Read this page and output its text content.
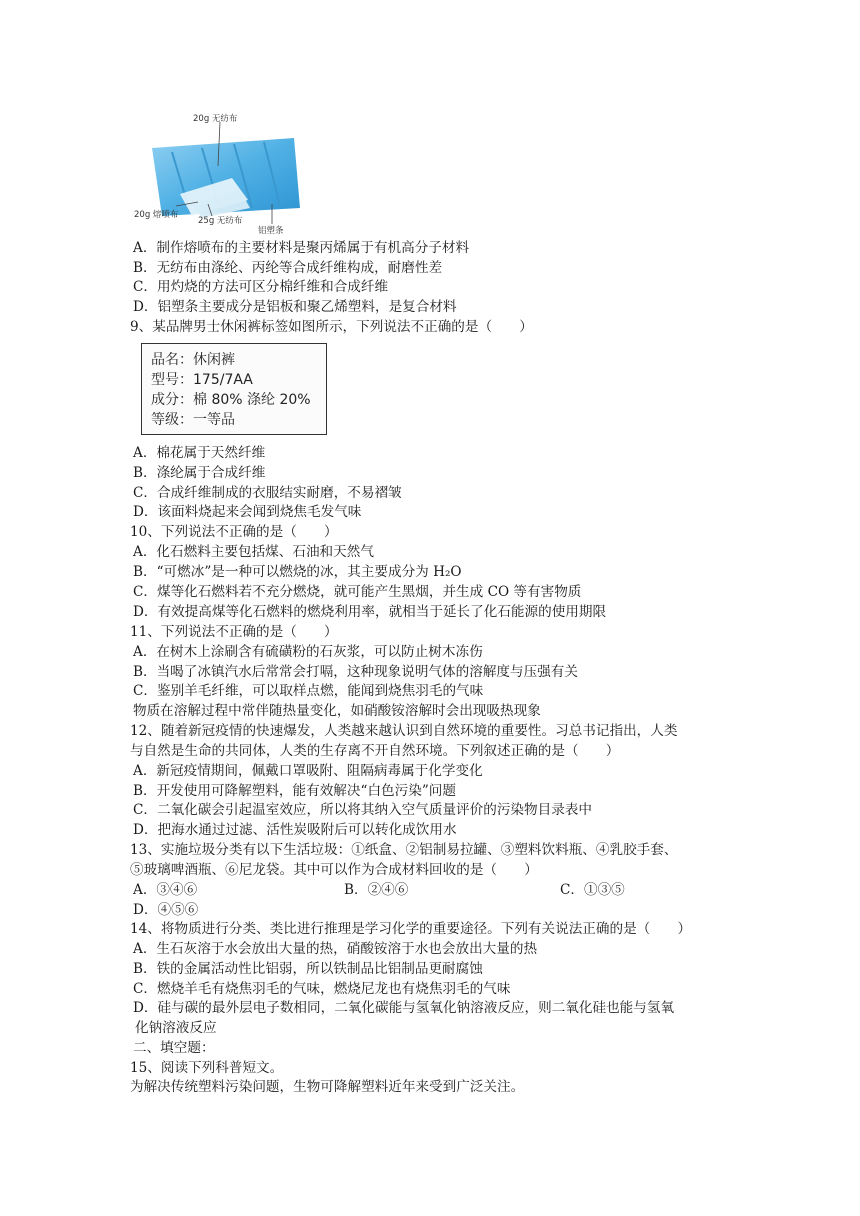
20g 无纺布
20g 熔喷布
25g 无纺布
铝塑条
A．制作熔喷布的主要材料是聚丙烯属于有机高分子材料
B．无纺布由涤纶、丙纶等合成纤维构成，耐磨性差
C．用灼烧的方法可区分棉纤维和合成纤维
D．铝塑条主要成分是铝板和聚乙烯塑料，是复合材料
9、某品牌男士休闲裤标签如图所示，下列说法不正确的是（　　）
品名：休闲裤
型号：175/7AA
成分：棉 80% 涤纶 20%
等级：一等品
A．棉花属于天然纤维
B．涤纶属于合成纤维
C．合成纤维制成的衣服结实耐磨，不易褶皱
D．该面料烧起来会闻到烧焦毛发气味
10、下列说法不正确的是（　　）
A．化石燃料主要包括煤、石油和天然气
B．“可燃冰”是一种可以燃烧的冰，其主要成分为 H₂O
C．煤等化石燃料若不充分燃烧，就可能产生黑烟，并生成 CO 等有害物质
D．有效提高煤等化石燃料的燃烧利用率，就相当于延长了化石能源的使用期限
11、下列说法不正确的是（　　）
A．在树木上涂刷含有硫磺粉的石灰浆，可以防止树木冻伤
B．当喝了冰镇汽水后常常会打嗝，这种现象说明气体的溶解度与压强有关
C．鉴别羊毛纤维，可以取样点燃，能闻到烧焦羽毛的气味
物质在溶解过程中常伴随热量变化，如硝酸铵溶解时会出现吸热现象
12、随着新冠疫情的快速爆发，人类越来越认识到自然环境的重要性。习总书记指出，人类
与自然是生命的共同体，人类的生存离不开自然环境。下列叙述正确的是（　　）
A．新冠疫情期间，佩戴口罩吸附、阻隔病毒属于化学变化
B．开发使用可降解塑料，能有效解决“白色污染”问题
C．二氧化碳会引起温室效应，所以将其纳入空气质量评价的污染物目录表中
D．把海水通过过滤、活性炭吸附后可以转化成饮用水
13、实施垃圾分类有以下生活垃圾：①纸盒、②铝制易拉罐、③塑料饮料瓶、④乳胶手套、
⑤玻璃啤酒瓶、⑥尼龙袋。其中可以作为合成材料回收的是（　　）
A．③④⑥	B．②④⑥	C．①③⑤
D．④⑤⑥
14、将物质进行分类、类比进行推理是学习化学的重要途径。下列有关说法正确的是（　　）
A．生石灰溶于水会放出大量的热，硝酸铵溶于水也会放出大量的热
B．铁的金属活动性比铝弱，所以铁制品比铝制品更耐腐蚀
C．燃烧羊毛有烧焦羽毛的气味，燃烧尼龙也有烧焦羽毛的气味
D．硅与碳的最外层电子数相同，二氧化碳能与氢氧化钠溶液反应，则二氧化硅也能与氢氧
化钠溶液反应
二、填空题：
15、阅读下列科普短文。
为解决传统塑料污染问题，生物可降解塑料近年来受到广泛关注。
